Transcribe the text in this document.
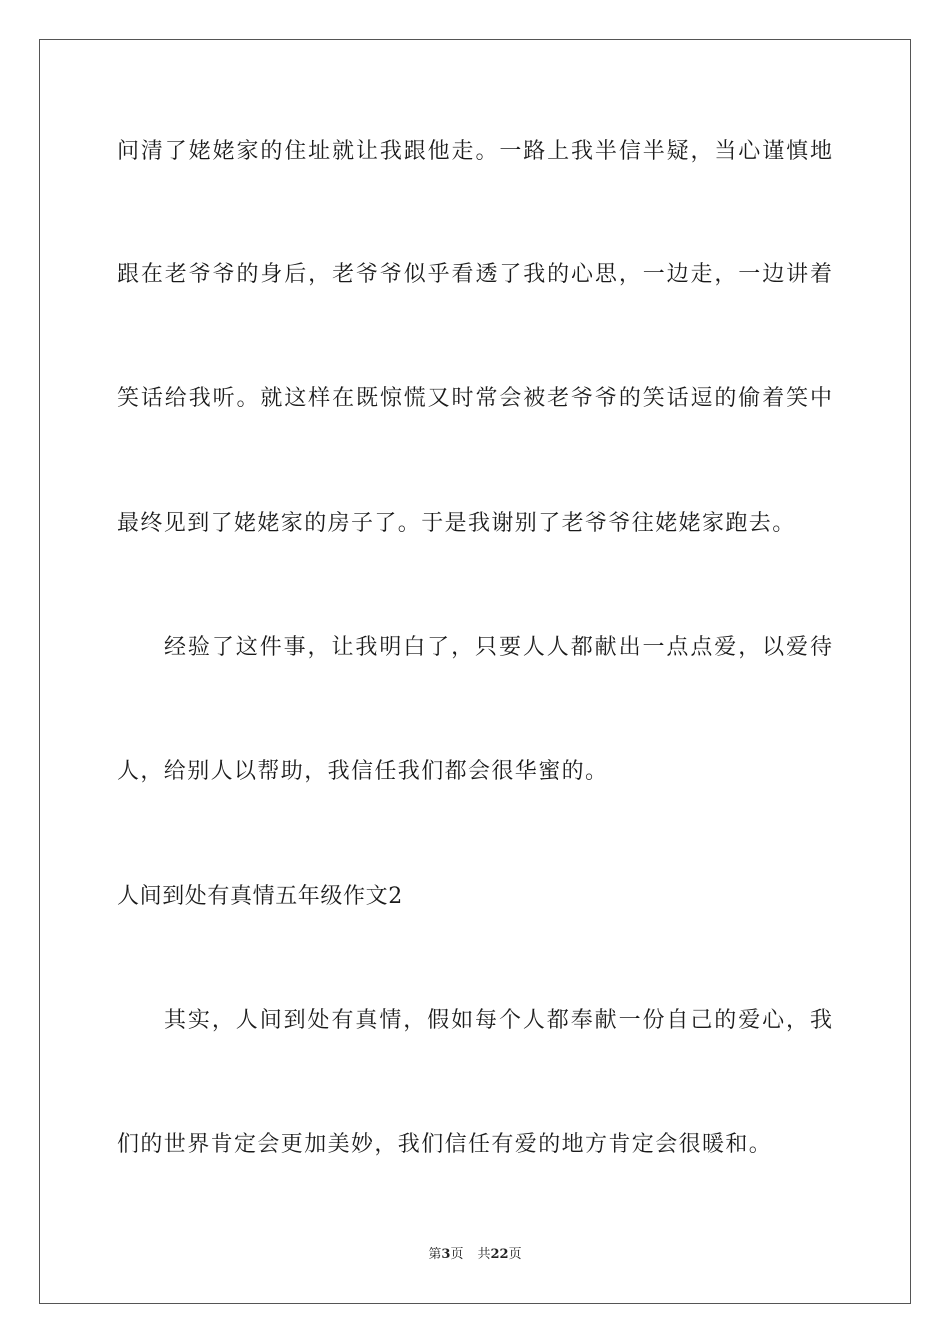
问清了姥姥家的住址就让我跟他走。一路上我半信半疑，当心谨慎地
跟在老爷爷的身后，老爷爷似乎看透了我的心思，一边走，一边讲着
笑话给我听。就这样在既惊慌又时常会被老爷爷的笑话逗的偷着笑中
最终见到了姥姥家的房子了。于是我谢别了老爷爷往姥姥家跑去。
经验了这件事，让我明白了，只要人人都献出一点点爱，以爱待
人，给别人以帮助，我信任我们都会很华蜜的。
人间到处有真情五年级作文2
其实，人间到处有真情，假如每个人都奉献一份自己的爱心，我
们的世界肯定会更加美妙，我们信任有爱的地方肯定会很暖和。
第3页 共22页
